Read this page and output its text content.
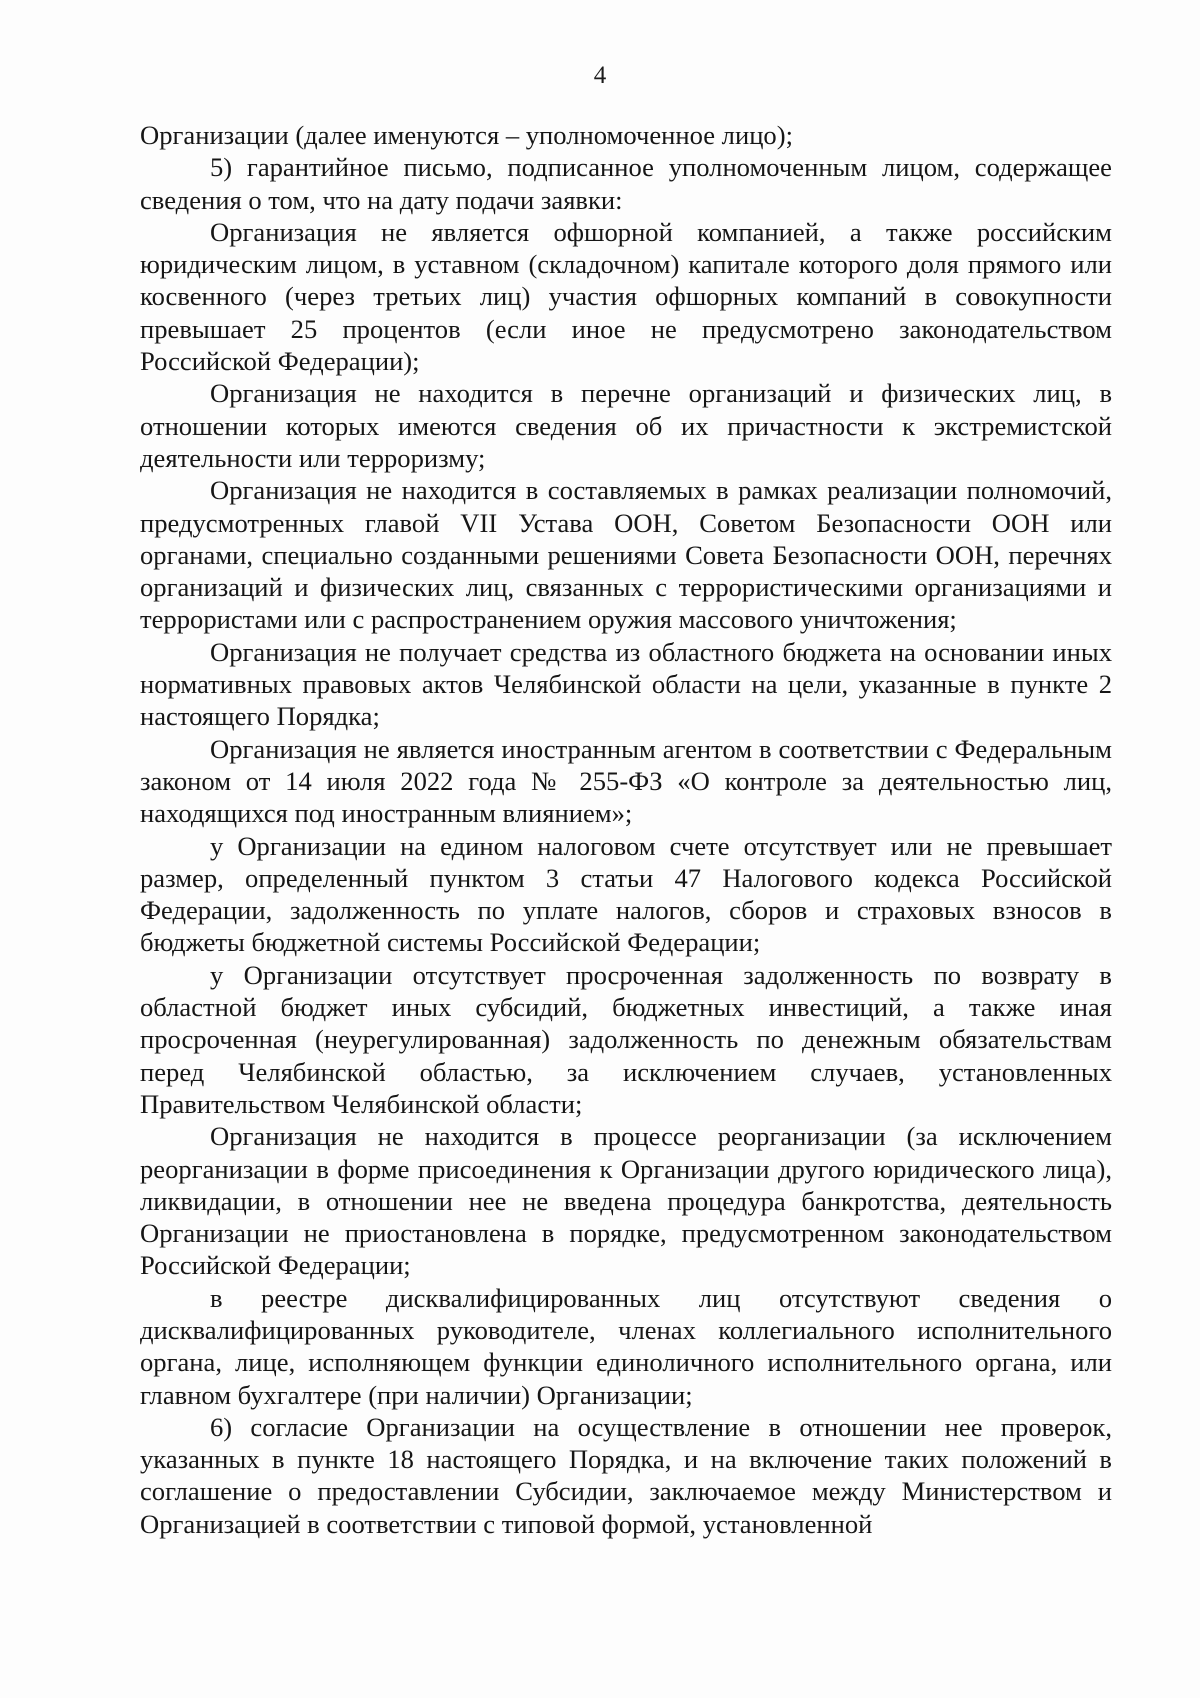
4

Организации (далее именуются – уполномоченное лицо);

5) гарантийное письмо, подписанное уполномоченным лицом, содержащее сведения о том, что на дату подачи заявки:

Организация не является офшорной компанией, а также российским юридическим лицом, в уставном (складочном) капитале которого доля прямого или косвенного (через третьих лиц) участия офшорных компаний в совокупности превышает 25 процентов (если иное не предусмотрено законодательством Российской Федерации);

Организация не находится в перечне организаций и физических лиц, в отношении которых имеются сведения об их причастности к экстремистской деятельности или терроризму;

Организация не находится в составляемых в рамках реализации полномочий, предусмотренных главой VII Устава ООН, Советом Безопасности ООН или органами, специально созданными решениями Совета Безопасности ООН, перечнях организаций и физических лиц, связанных с террористическими организациями и террористами или с распространением оружия массового уничтожения;

Организация не получает средства из областного бюджета на основании иных нормативных правовых актов Челябинской области на цели, указанные в пункте 2 настоящего Порядка;

Организация не является иностранным агентом в соответствии с Федеральным законом от 14 июля 2022 года № 255-ФЗ «О контроле за деятельностью лиц, находящихся под иностранным влиянием»;

у Организации на едином налоговом счете отсутствует или не превышает размер, определенный пунктом 3 статьи 47 Налогового кодекса Российской Федерации, задолженность по уплате налогов, сборов и страховых взносов в бюджеты бюджетной системы Российской Федерации;

у Организации отсутствует просроченная задолженность по возврату в областной бюджет иных субсидий, бюджетных инвестиций, а также иная просроченная (неурегулированная) задолженность по денежным обязательствам перед Челябинской областью, за исключением случаев, установленных Правительством Челябинской области;

Организация не находится в процессе реорганизации (за исключением реорганизации в форме присоединения к Организации другого юридического лица), ликвидации, в отношении нее не введена процедура банкротства, деятельность Организации не приостановлена в порядке, предусмотренном законодательством Российской Федерации;

в реестре дисквалифицированных лиц отсутствуют сведения о дисквалифицированных руководителе, членах коллегиального исполнительного органа, лице, исполняющем функции единоличного исполнительного органа, или главном бухгалтере (при наличии) Организации;

6) согласие Организации на осуществление в отношении нее проверок, указанных в пункте 18 настоящего Порядка, и на включение таких положений в соглашение о предоставлении Субсидии, заключаемое между Министерством и Организацией в соответствии с типовой формой, установленной
